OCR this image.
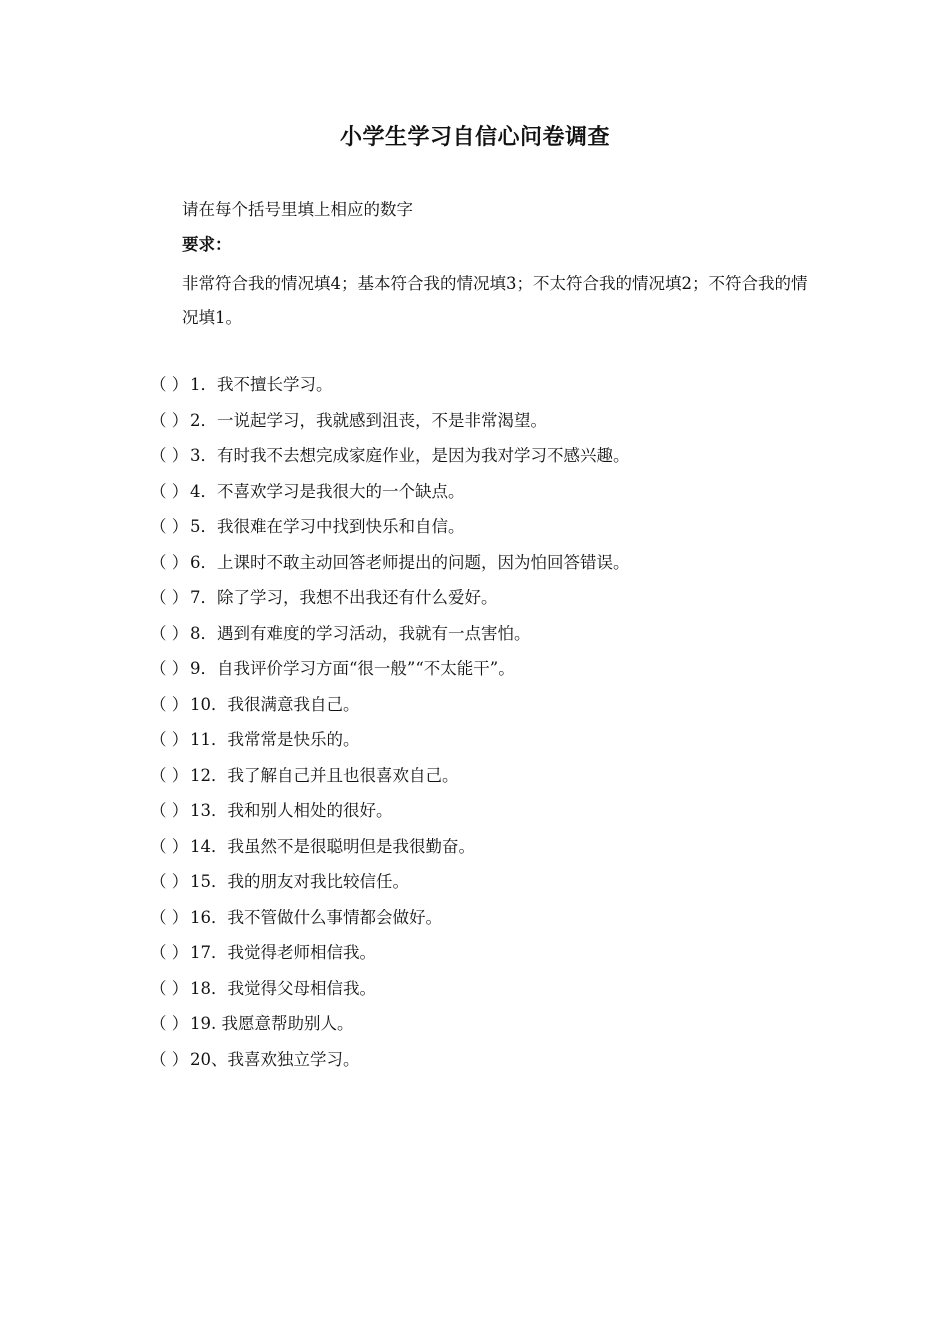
小学生学习自信心问卷调查
请在每个括号里填上相应的数字
要求：
非常符合我的情况填4；基本符合我的情况填3；不太符合我的情况填2；不符合我的情况填1。
（ ） 1．我不擅长学习。
（ ） 2．一说起学习，我就感到沮丧，不是非常渴望。
（ ） 3．有时我不去想完成家庭作业，是因为我对学习不感兴趣。
（ ） 4．不喜欢学习是我很大的一个缺点。
（ ） 5．我很难在学习中找到快乐和自信。
（ ） 6．上课时不敢主动回答老师提出的问题，因为怕回答错误。
（ ） 7．除了学习，我想不出我还有什么爱好。
（ ） 8．遇到有难度的学习活动，我就有一点害怕。
（ ） 9．自我评价学习方面“很一般”“不太能干”。
（ ） 10．我很满意我自己。
（ ） 11．我常常是快乐的。
（ ） 12．我了解自己并且也很喜欢自己。
（ ） 13．我和别人相处的很好。
（ ） 14．我虽然不是很聪明但是我很勤奋。
（ ） 15．我的朋友对我比较信任。
（ ） 16．我不管做什么事情都会做好。
（ ） 17．我觉得老师相信我。
（ ） 18．我觉得父母相信我。
（ ） 19. 我愿意帮助别人。
（ ） 20、我喜欢独立学习。
